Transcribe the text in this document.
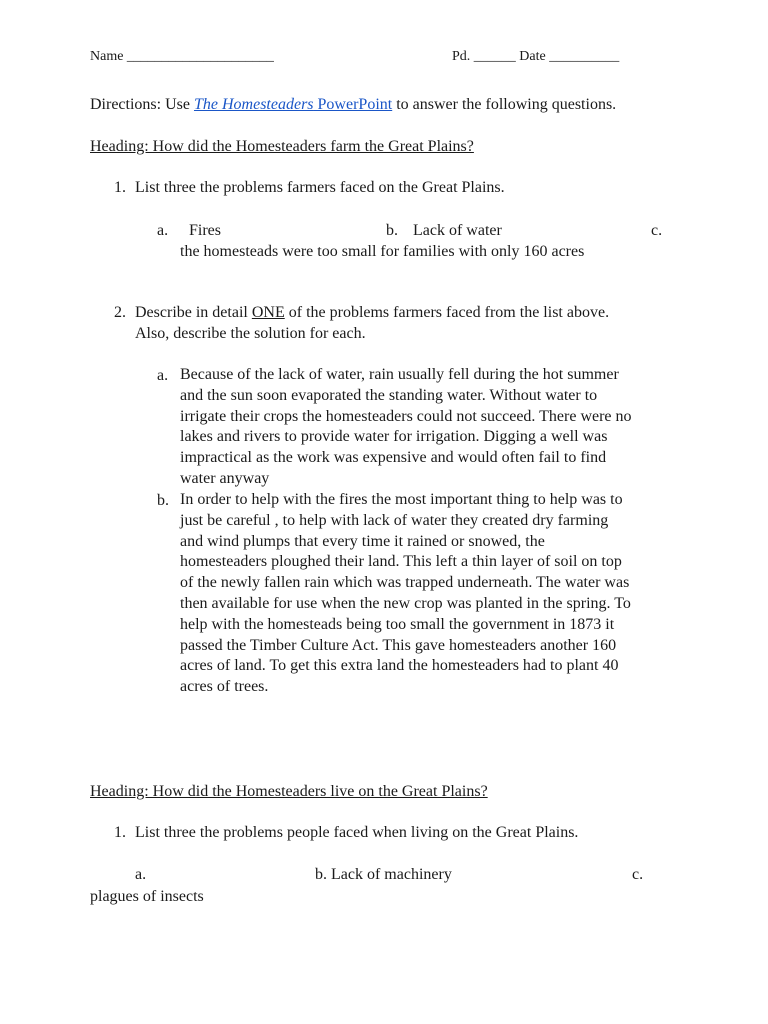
Name _____________________	Pd. ______ Date __________
Directions: Use The Homesteaders PowerPoint to answer the following questions.
Heading: How did the Homesteaders farm the Great Plains?
1. List three the problems farmers faced on the Great Plains.
a. Fires	b. Lack of water	c.
the homesteads were too small for families with only 160 acres
2. Describe in detail ONE of the problems farmers faced from the list above.
Also, describe the solution for each.
a. Because of the lack of water, rain usually fell during the hot summer
and the sun soon evaporated the standing water. Without water to
irrigate their crops the homesteaders could not succeed. There were no
lakes and rivers to provide water for irrigation. Digging a well was
impractical as the work was expensive and would often fail to find
water anyway
b. In order to help with the fires the most important thing to help was to
just be careful , to help with lack of water they created dry farming
and wind plumps that every time it rained or snowed, the
homesteaders ploughed their land. This left a thin layer of soil on top
of the newly fallen rain which was trapped underneath. The water was
then available for use when the new crop was planted in the spring. To
help with the homesteads being too small the government in 1873 it
passed the Timber Culture Act. This gave homesteaders another 160
acres of land. To get this extra land the homesteaders had to plant 40
acres of trees.
Heading: How did the Homesteaders live on the Great Plains?
1. List three the problems people faced when living on the Great Plains.
a.	b. Lack of machinery	c.
plagues of insects
